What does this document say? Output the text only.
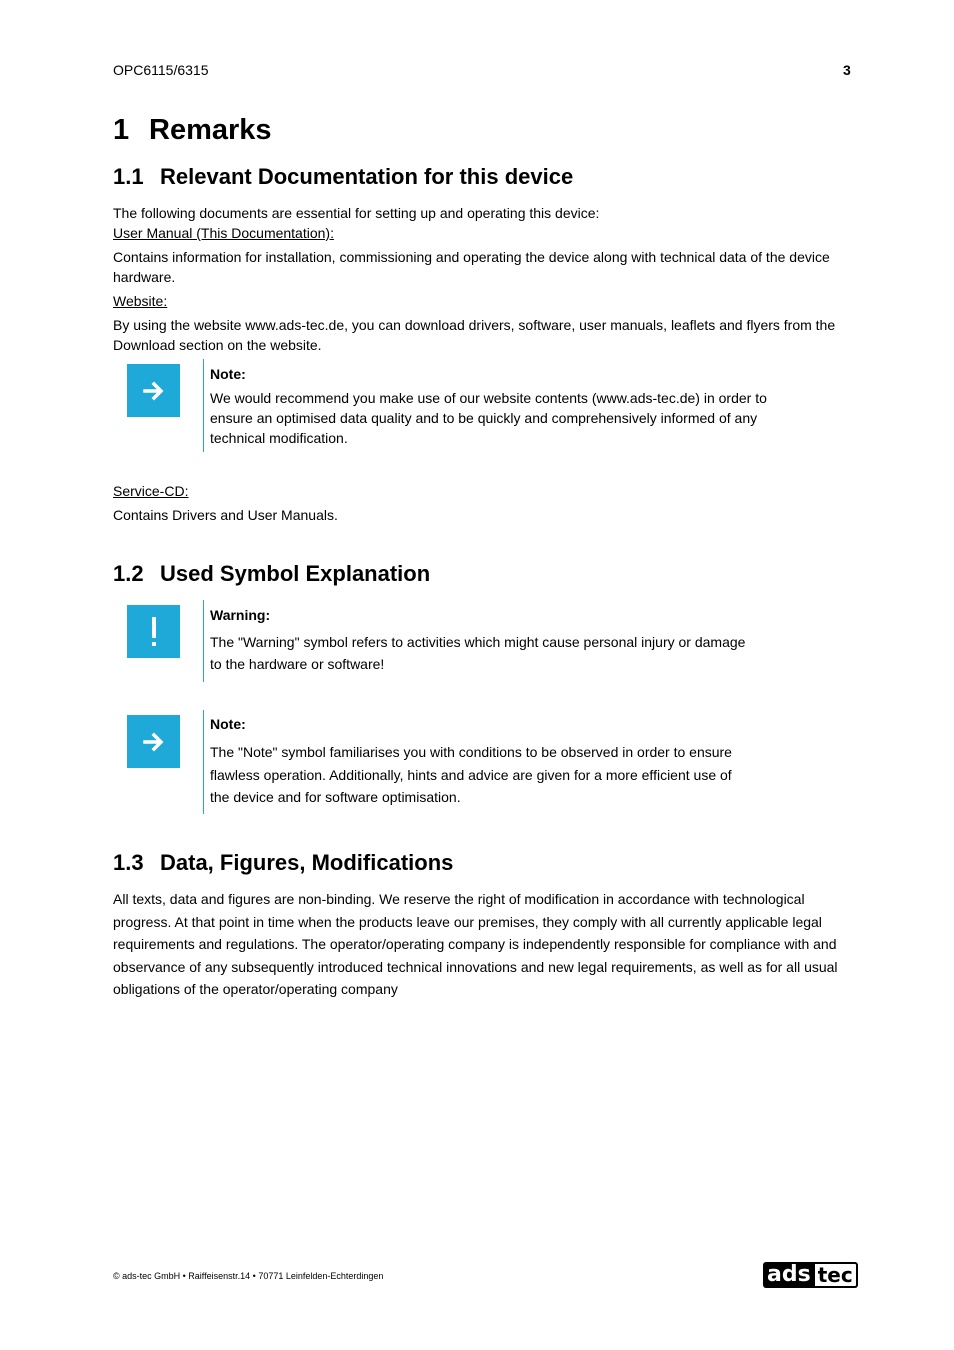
OPC6115/6315	3
1 Remarks
1.1 Relevant Documentation for this device

The following documents are essential for setting up and operating this device:

User Manual (This Documentation):

Contains information for installation, commissioning and operating the device along with technical data of the device hardware.

Website:

By using the website www.ads-tec.de, you can download drivers, software, user manuals, leaflets and flyers from the Download section on the website.

Note:

We would recommend you make use of our website contents (www.ads-tec.de) in order to ensure an optimised data quality and to be quickly and comprehensively informed of any technical modification.

Service-CD:

Contains Drivers and User Manuals.

1.2 Used Symbol Explanation
Warning:

The "Warning" symbol refers to activities which might cause personal injury or damage to the hardware or software!

Note:

The "Note" symbol familiarises you with conditions to be observed in order to ensure flawless operation. Additionally, hints and advice are given for a more efficient use of the device and for software optimisation.

1.3 Data, Figures, Modifications

All texts, data and figures are non-binding. We reserve the right of modification in accordance with technological progress. At that point in time when the products leave our premises, they comply with all currently applicable legal requirements and regulations. The operator/operating company is independently responsible for compliance with and observance of any subsequently introduced technical innovations and new legal requirements, as well as for all usual obligations of the operator/operating company

© ads-tec GmbH • Raiffeisenstr.14 • 70771 Leinfelden-Echterdingen	ads tec
